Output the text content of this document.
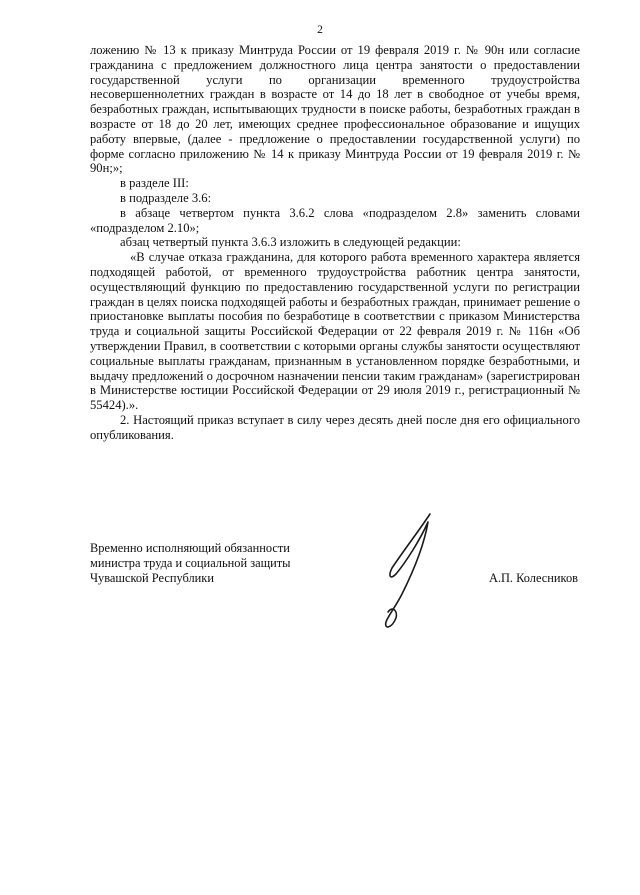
2

ложению № 13 к приказу Минтруда России от 19 февраля 2019 г. № 90н или согласие гражданина с предложением должностного лица центра занятости о предоставлении государственной услуги по организации временного трудоустройства несовершеннолетних граждан в возрасте от 14 до 18 лет в свободное от учебы время, безработных граждан, испытывающих трудности в поиске работы, безработных граждан в возрасте от 18 до 20 лет, имеющих среднее профессиональное образование и ищущих работу впервые, (далее - предложение о предоставлении государственной услуги) по форме согласно приложению № 14 к приказу Минтруда России от 19 февраля 2019 г. № 90н;»;

в разделе III:

в подразделе 3.6:

в абзаце четвертом пункта 3.6.2 слова «подразделом 2.8» заменить словами «подразделом 2.10»;

абзац четвертый пункта 3.6.3 изложить в следующей редакции:

«В случае отказа гражданина, для которого работа временного характера является подходящей работой, от временного трудоустройства работник центра занятости, осуществляющий функцию по предоставлению государственной услуги по регистрации граждан в целях поиска подходящей работы и безработных граждан, принимает решение о приостановке выплаты пособия по безработице в соответствии с приказом Министерства труда и социальной защиты Российской Федерации от 22 февраля 2019 г. № 116н «Об утверждении Правил, в соответствии с которыми органы службы занятости осуществляют социальные выплаты гражданам, признанным в установленном порядке безработными, и выдачу предложений о досрочном назначении пенсии таким гражданам» (зарегистрирован в Министерстве юстиции Российской Федерации от 29 июля 2019 г., регистрационный № 55424).».

2. Настоящий приказ вступает в силу через десять дней после дня его официального опубликования.

Временно исполняющий обязанности
министра труда и социальной защиты
Чувашской Республики	А.П. Колесников
